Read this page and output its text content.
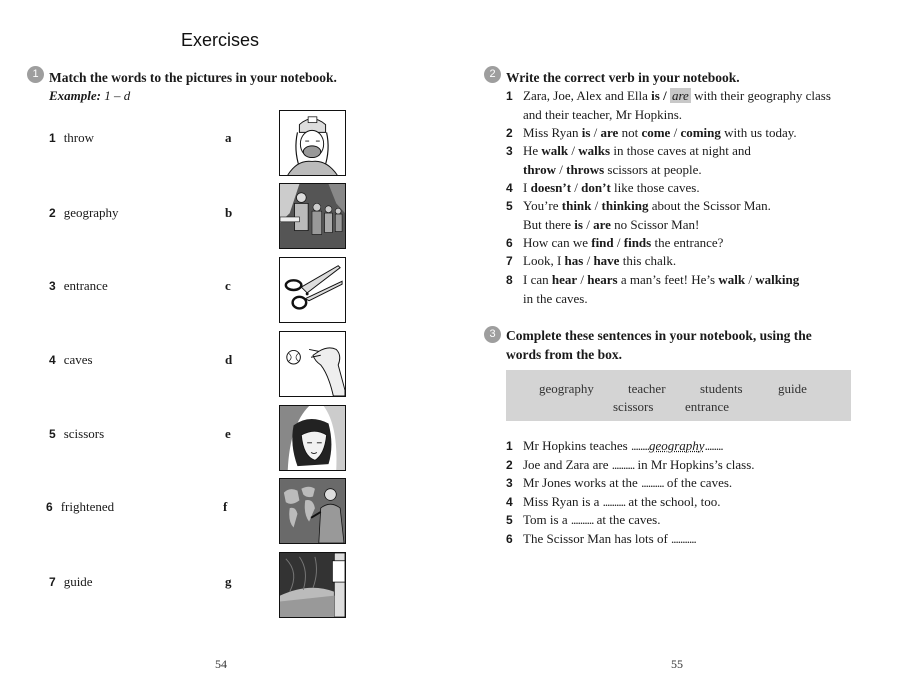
Exercises
1 Match the words to the pictures in your notebook.
Example: 1 – d
1 throw	a
2 geography	b
3 entrance	c
4 caves	d
5 scissors	e
6 frightened	f
7 guide	g
54
2 Write the correct verb in your notebook.
1 Zara, Joe, Alex and Ella is / are with their geography class
and their teacher, Mr Hopkins.
2 Miss Ryan is / are not come / coming with us today.
3 He walk / walks in those caves at night and
throw / throws scissors at people.
4 I doesn’t / don’t like those caves.
5 You’re think / thinking about the Scissor Man.
But there is / are no Scissor Man!
6 How can we find / finds the entrance?
7 Look, I has / have this chalk.
8 I can hear / hears a man’s feet! He’s walk / walking
in the caves.
3 Complete these sentences in your notebook, using the
words from the box.
geography	teacher	students	guide
scissors entrance
1 Mr Hopkins teaches ........geography........
2 Joe and Zara are .......... in Mr Hopkins’s class.
3 Mr Jones works at the .......... of the caves.
4 Miss Ryan is a .......... at the school, too.
5 Tom is a .......... at the caves.
6 The Scissor Man has lots of ...........
55
